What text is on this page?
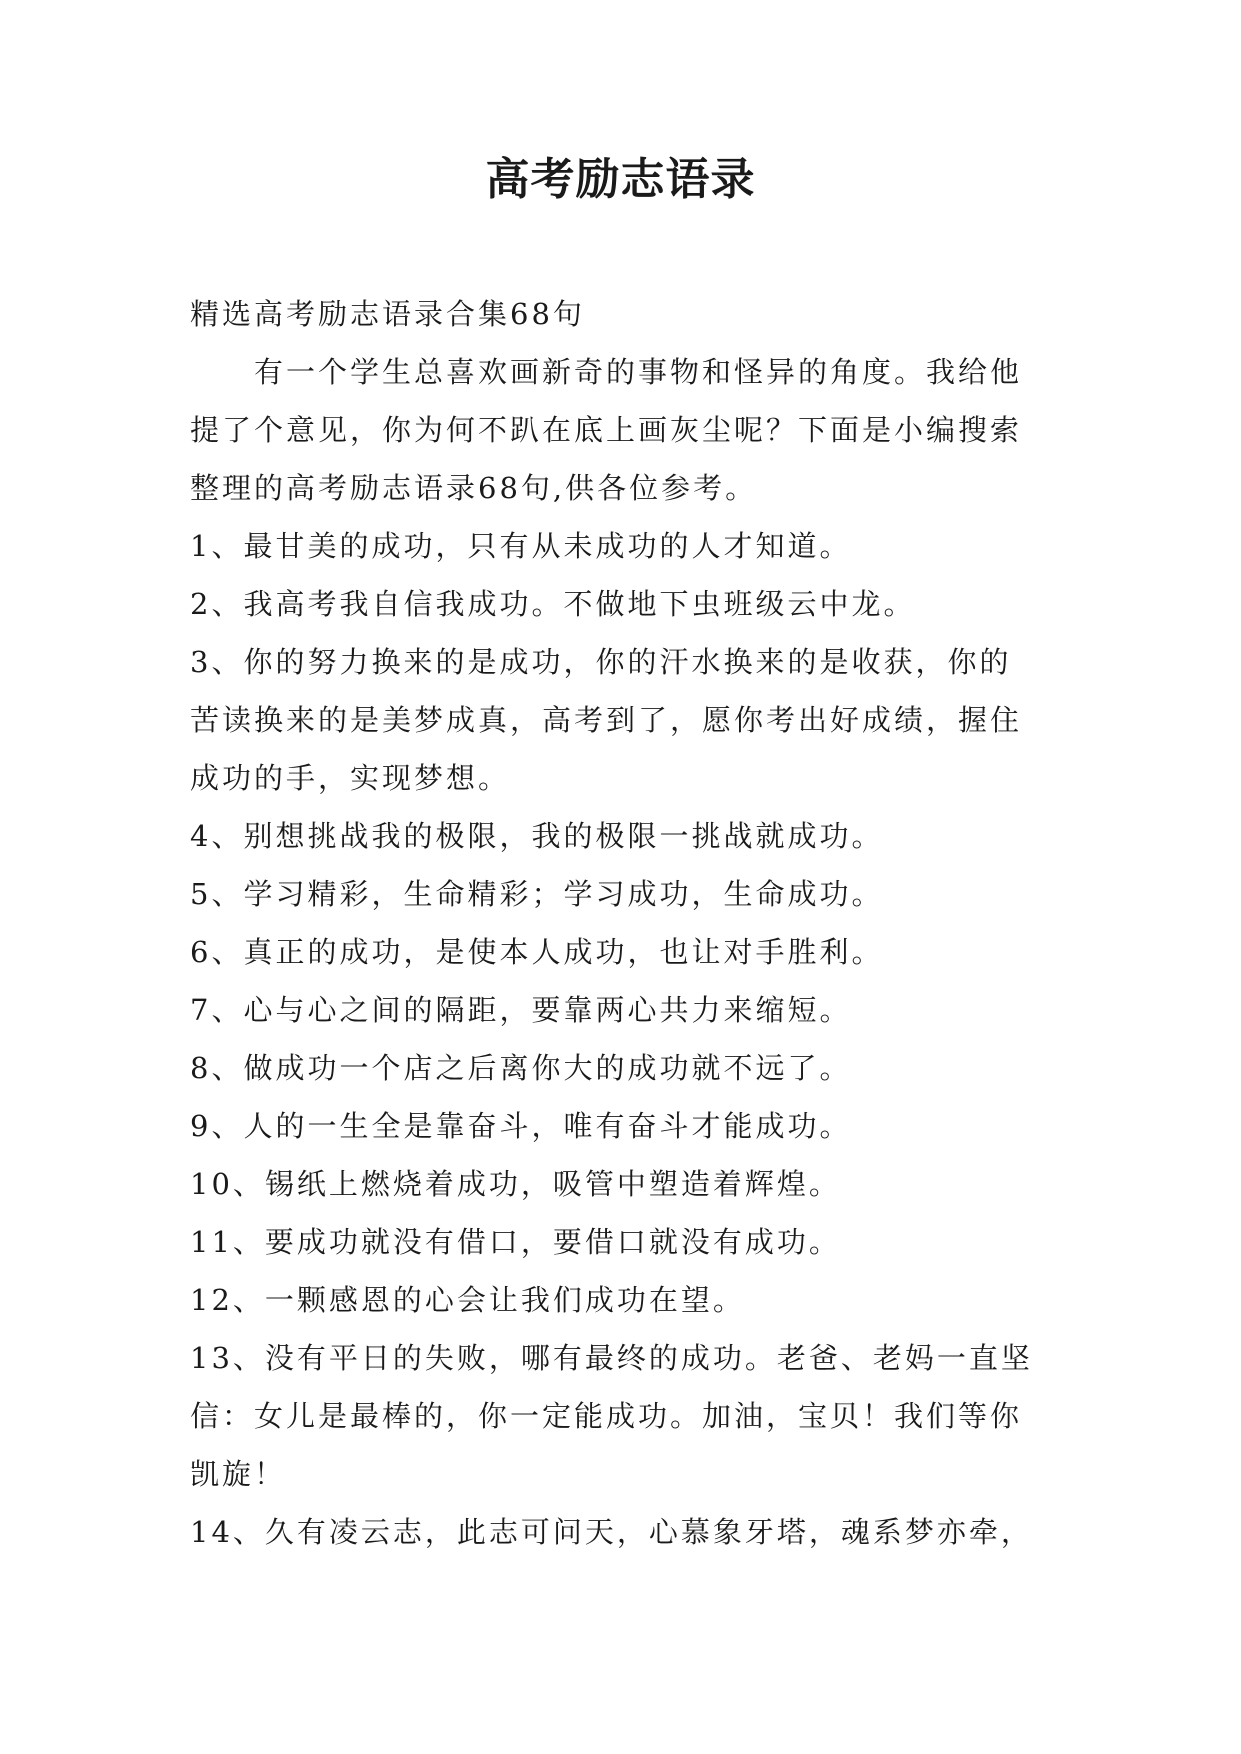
高考励志语录
精选高考励志语录合集68句
有一个学生总喜欢画新奇的事物和怪异的角度。我给他
提了个意见，你为何不趴在底上画灰尘呢？下面是小编搜索
整理的高考励志语录68句,供各位参考。
1、最甘美的成功，只有从未成功的人才知道。
2、我高考我自信我成功。不做地下虫班级云中龙。
3、你的努力换来的是成功，你的汗水换来的是收获，你的
苦读换来的是美梦成真，高考到了，愿你考出好成绩，握住
成功的手，实现梦想。
4、别想挑战我的极限，我的极限一挑战就成功。
5、学习精彩，生命精彩；学习成功，生命成功。
6、真正的成功，是使本人成功，也让对手胜利。
7、心与心之间的隔距，要靠两心共力来缩短。
8、做成功一个店之后离你大的成功就不远了。
9、人的一生全是靠奋斗，唯有奋斗才能成功。
10、锡纸上燃烧着成功，吸管中塑造着辉煌。
11、要成功就没有借口，要借口就没有成功。
12、一颗感恩的心会让我们成功在望。
13、没有平日的失败，哪有最终的成功。老爸、老妈一直坚
信：女儿是最棒的，你一定能成功。加油，宝贝！我们等你
凯旋！
14、久有凌云志，此志可问天，心慕象牙塔，魂系梦亦牵，
